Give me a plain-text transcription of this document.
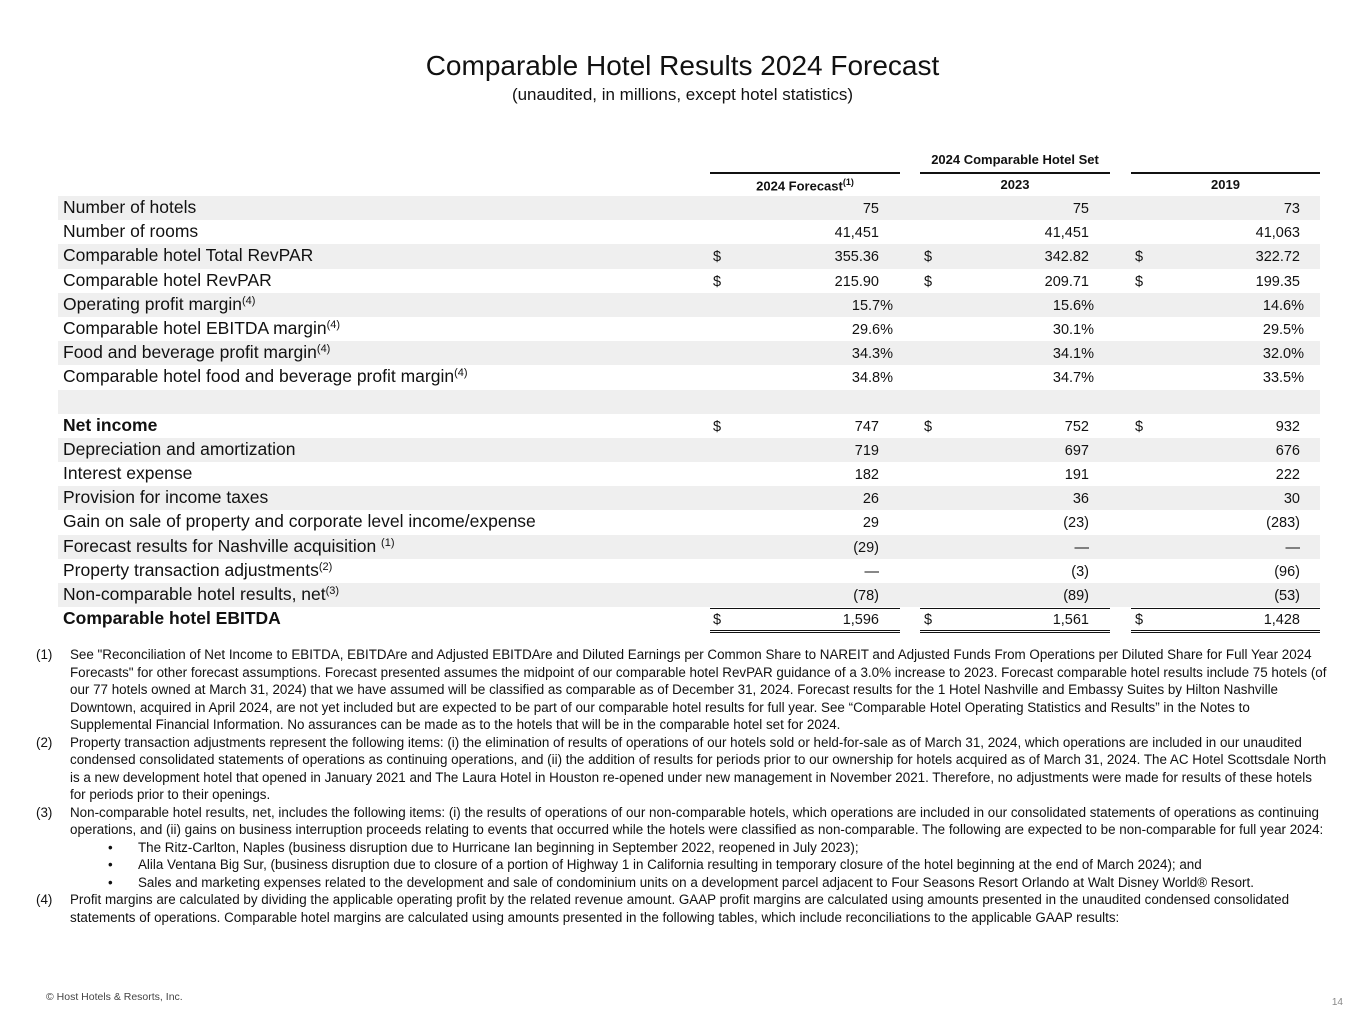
Comparable Hotel Results 2024 Forecast
(unaudited, in millions, except hotel statistics)
2024 Comparable Hotel Set
2024 Forecast$^{(1)}$	2023	2019
Number of hotels	75	75	73
Number of rooms	41,451	41,451	41,063
Comparable hotel Total RevPAR	$	355.36	$	342.82	$	322.72
Comparable hotel RevPAR	$	215.90	$	209.71	$	199.35
Operating profit margin$^{(4)}$	15.7%	15.6%	14.6%
Comparable hotel EBITDA margin$^{(4)}$	29.6%	30.1%	29.5%
Food and beverage profit margin$^{(4)}$	34.3%	34.1%	32.0%
Comparable hotel food and beverage profit margin$^{(4)}$	34.8%	34.7%	33.5%
Net income	$	747	$	752	$	932
Depreciation and amortization	719	697	676
Interest expense	182	191	222
Provision for income taxes	26	36	30
Gain on sale of property and corporate level income/expense	29	(23)	(283)
Forecast results for Nashville acquisition $^{(1)}$	(29)	—	—
Property transaction adjustments$^{(2)}$	—	(3)	(96)
Non-comparable hotel results, net$^{(3)}$	(78)	(89)	(53)
Comparable hotel EBITDA	$	1,596	$	1,561	$	1,428
(1) See "Reconciliation of Net Income to EBITDA, EBITDAre and Adjusted EBITDAre and Diluted Earnings per Common Share to NAREIT and Adjusted Funds From Operations per Diluted Share for Full Year 2024 Forecasts" for other forecast assumptions. Forecast presented assumes the midpoint of our comparable hotel RevPAR guidance of a 3.0% increase to 2023. Forecast comparable hotel results include 75 hotels (of our 77 hotels owned at March 31, 2024) that we have assumed will be classified as comparable as of December 31, 2024. Forecast results for the 1 Hotel Nashville and Embassy Suites by Hilton Nashville Downtown, acquired in April 2024, are not yet included but are expected to be part of our comparable hotel results for full year. See “Comparable Hotel Operating Statistics and Results” in the Notes to Supplemental Financial Information. No assurances can be made as to the hotels that will be in the comparable hotel set for 2024.
(2) Property transaction adjustments represent the following items: (i) the elimination of results of operations of our hotels sold or held-for-sale as of March 31, 2024, which operations are included in our unaudited condensed consolidated statements of operations as continuing operations, and (ii) the addition of results for periods prior to our ownership for hotels acquired as of March 31, 2024. The AC Hotel Scottsdale North is a new development hotel that opened in January 2021 and The Laura Hotel in Houston re-opened under new management in November 2021. Therefore, no adjustments were made for results of these hotels for periods prior to their openings.
(3) Non-comparable hotel results, net, includes the following items: (i) the results of operations of our non-comparable hotels, which operations are included in our consolidated statements of operations as continuing operations, and (ii) gains on business interruption proceeds relating to events that occurred while the hotels were classified as non-comparable. The following are expected to be non-comparable for full year 2024:
• The Ritz-Carlton, Naples (business disruption due to Hurricane Ian beginning in September 2022, reopened in July 2023);
• Alila Ventana Big Sur, (business disruption due to closure of a portion of Highway 1 in California resulting in temporary closure of the hotel beginning at the end of March 2024); and
• Sales and marketing expenses related to the development and sale of condominium units on a development parcel adjacent to Four Seasons Resort Orlando at Walt Disney World® Resort.
(4) Profit margins are calculated by dividing the applicable operating profit by the related revenue amount. GAAP profit margins are calculated using amounts presented in the unaudited condensed consolidated statements of operations. Comparable hotel margins are calculated using amounts presented in the following tables, which include reconciliations to the applicable GAAP results:
© Host Hotels & Resorts, Inc.	14
